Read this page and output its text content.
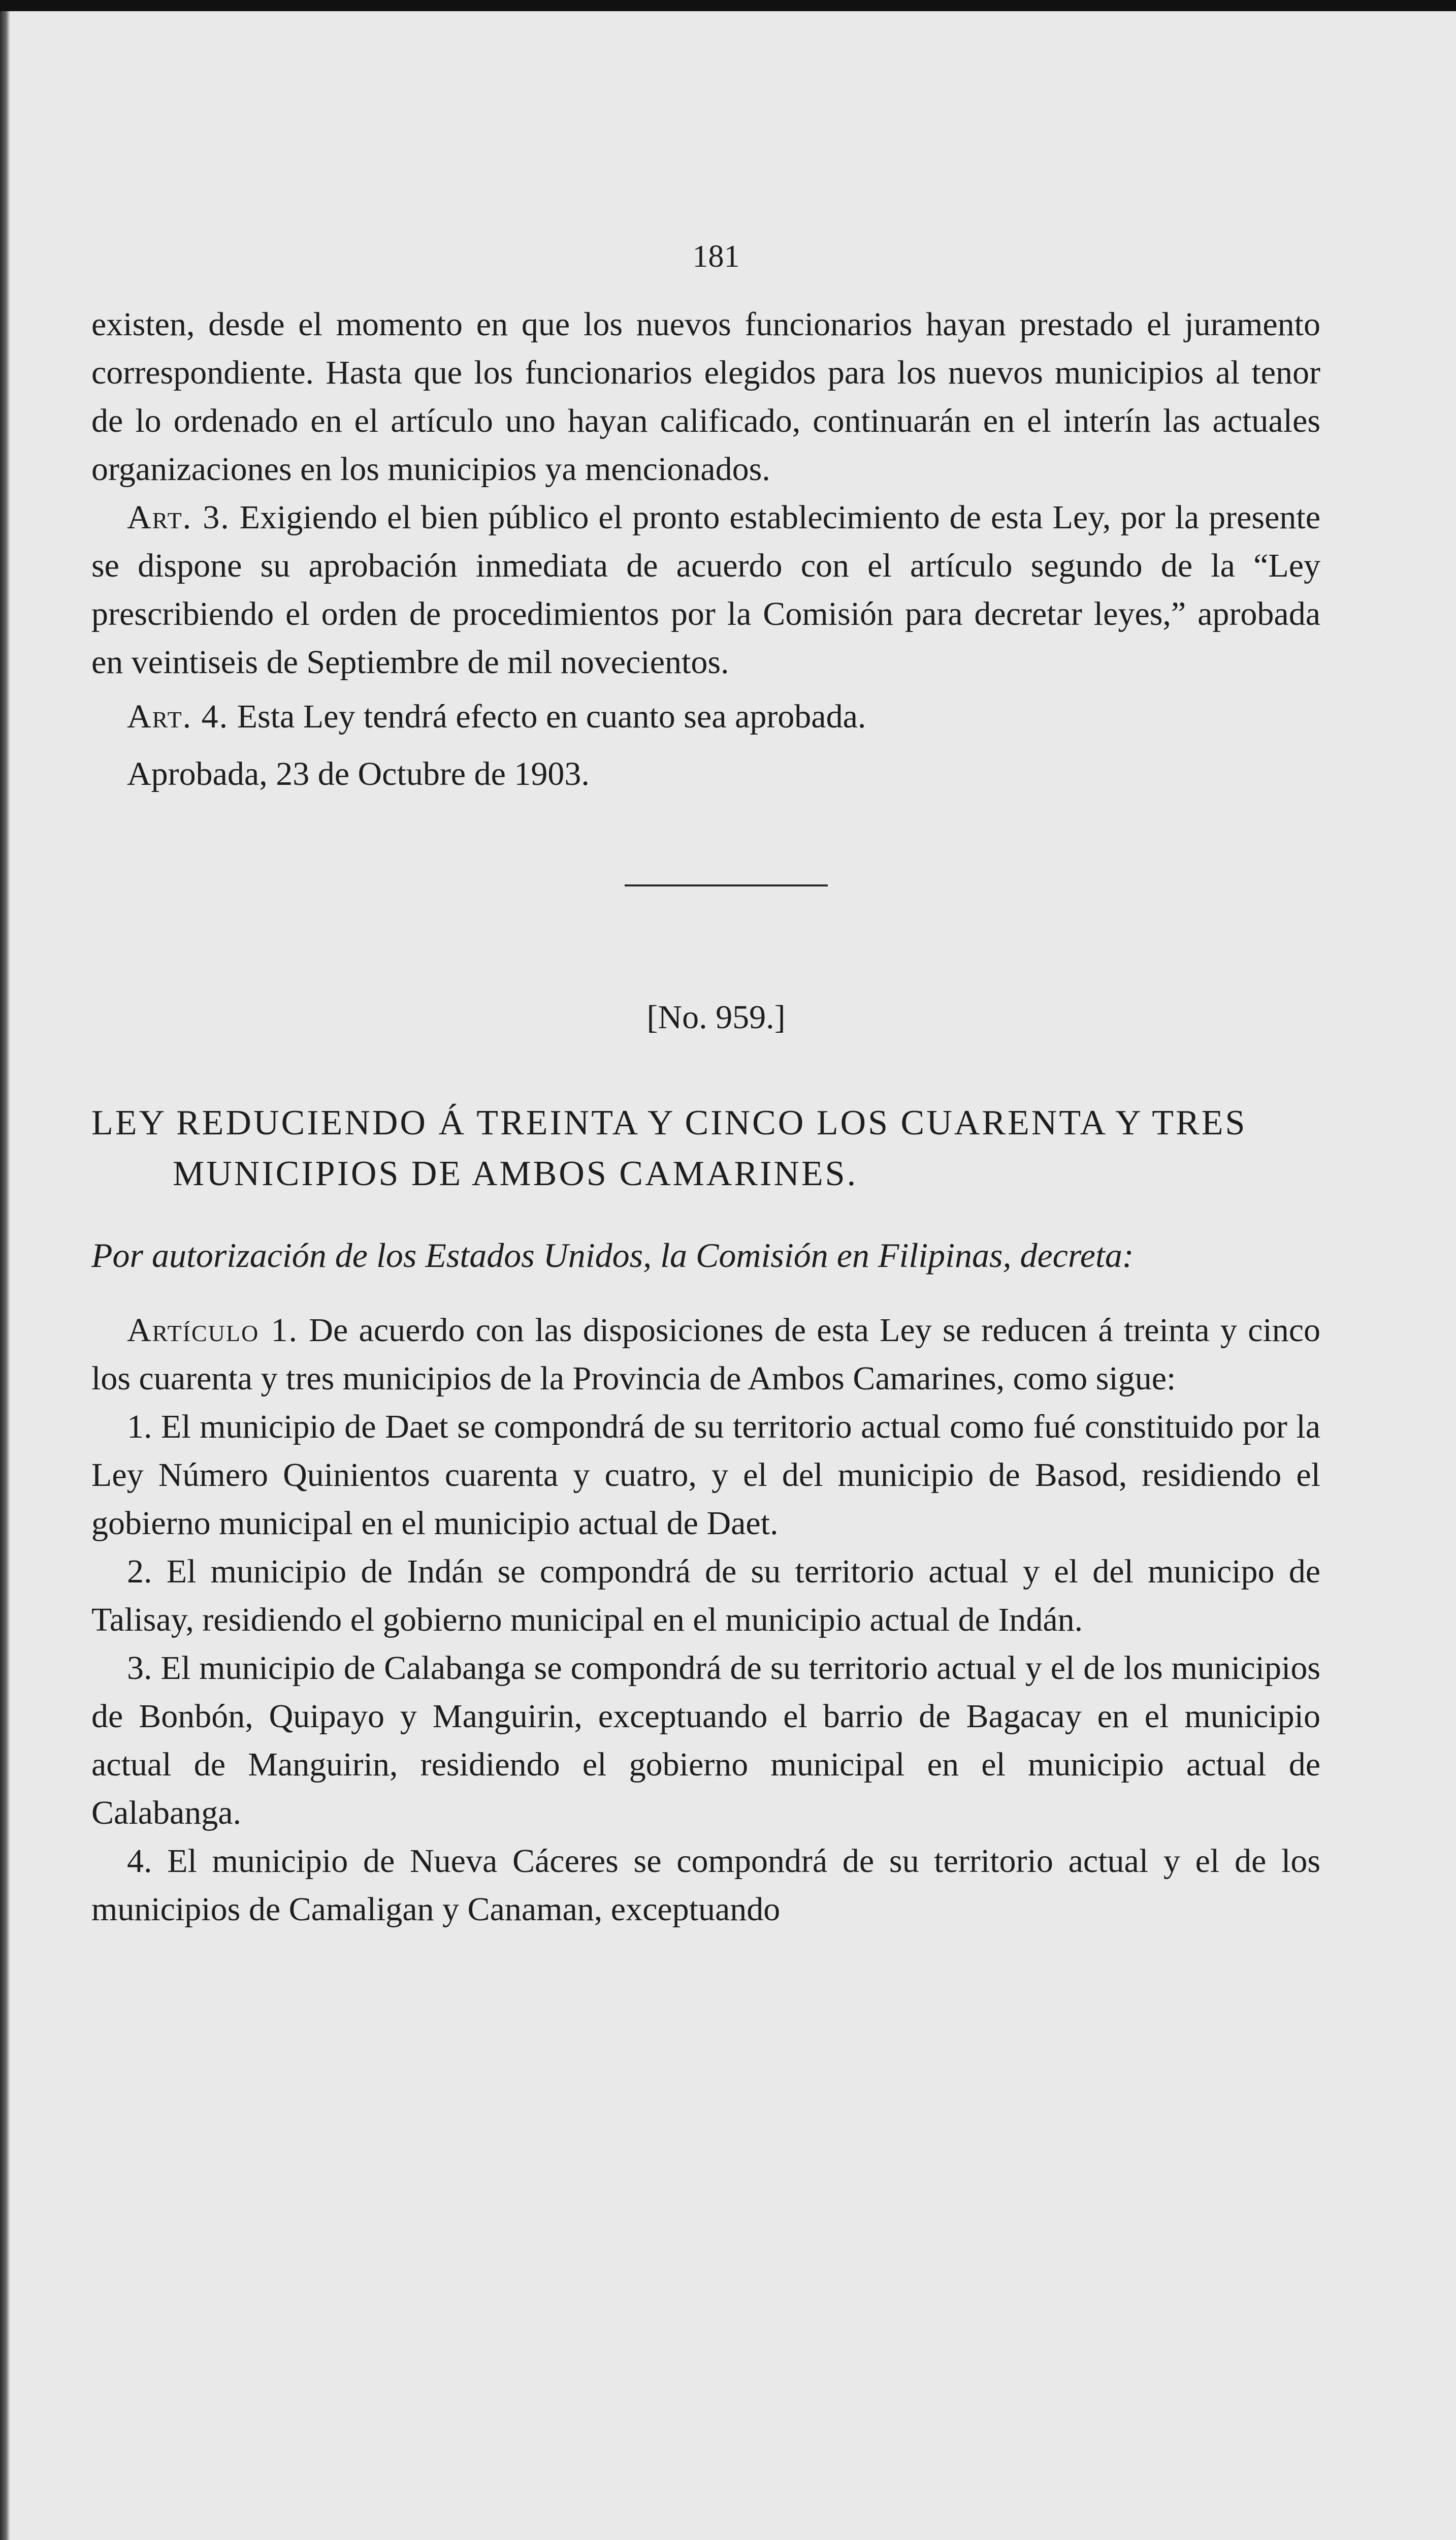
181

existen, desde el momento en que los nuevos funcionarios hayan prestado el juramento correspondiente. Hasta que los funcionarios elegidos para los nuevos municipios al tenor de lo ordenado en el artículo uno hayan calificado, continuarán en el interín las actuales organizaciones en los municipios ya mencionados.

Art. 3. Exigiendo el bien público el pronto establecimiento de esta Ley, por la presente se dispone su aprobación inmediata de acuerdo con el artículo segundo de la “Ley prescribiendo el orden de procedimientos por la Comisión para decretar leyes,” aprobada en veintiseis de Septiembre de mil novecientos.

Art. 4. Esta Ley tendrá efecto en cuanto sea aprobada.

Aprobada, 23 de Octubre de 1903.
[No. 959.]
LEY REDUCIENDO Á TREINTA Y CINCO LOS CUARENTA Y TRES MUNICIPIOS DE AMBOS CAMARINES.
Por autorización de los Estados Unidos, la Comisión en Filipinas, decreta:

Artículo 1. De acuerdo con las disposiciones de esta Ley se reducen á treinta y cinco los cuarenta y tres municipios de la Provincia de Ambos Camarines, como sigue:

1. El municipio de Daet se compondrá de su territorio actual como fué constituido por la Ley Número Quinientos cuarenta y cuatro, y el del municipio de Basod, residiendo el gobierno municipal en el municipio actual de Daet.

2. El municipio de Indán se compondrá de su territorio actual y el del municipo de Talisay, residiendo el gobierno municipal en el municipio actual de Indán.

3. El municipio de Calabanga se compondrá de su territorio actual y el de los municipios de Bonbón, Quipayo y Manguirin, exceptuando el barrio de Bagacay en el municipio actual de Manguirin, residiendo el gobierno municipal en el municipio actual de Calabanga.

4. El municipio de Nueva Cáceres se compondrá de su territorio actual y el de los municipios de Camaligan y Canaman, exceptuando
